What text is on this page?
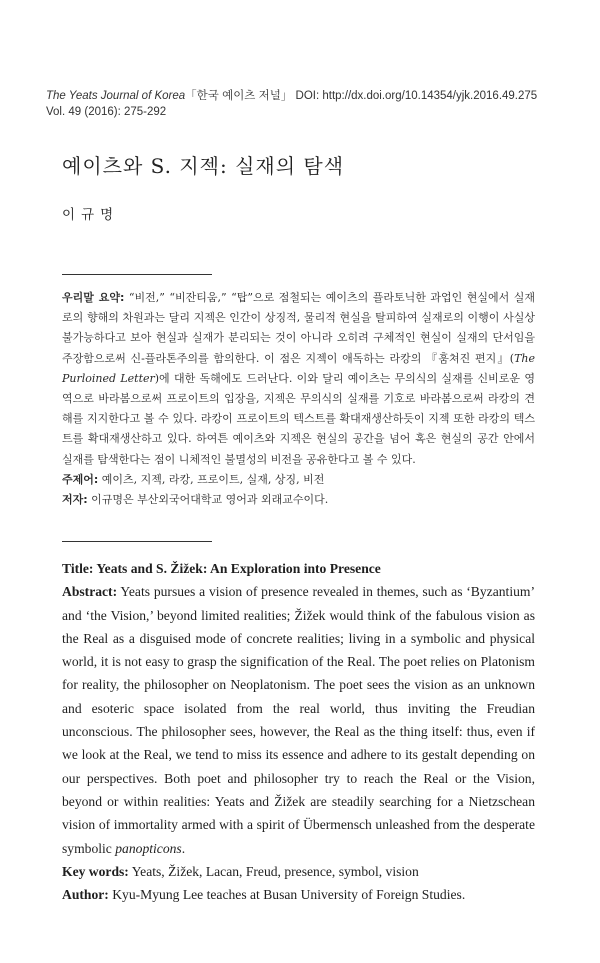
The Yeats Journal of Korea「한국 예이츠 저널」 DOI: http://dx.doi.org/10.14354/yjk.2016.49.275
Vol. 49 (2016): 275-292
예이츠와 S. 지젝: 실재의 탐색
이규명

우리말 요약: “비전,” “비잔티움,” “탑”으로 점철되는 예이츠의 플라토닉한 과업인 현실에서 실재로의 향해의 차원과는 달리 지젝은 인간이 상징적, 물리적 현실을 탈피하여 실재로의 이행이 사실상 불가능하다고 보아 현실과 실재가 분리되는 것이 아니라 오히려 구체적인 현실이 실재의 단서임을 주장함으로써 신-플라톤주의를 함의한다. 이 점은 지젝이 애독하는 라캉의 『훔쳐진 편지』(The Purloined Letter)에 대한 독해에도 드러난다. 이와 달리 예이츠는 무의식의 실재를 신비로운 영역으로 바라봄으로써 프로이트의 입장을, 지젝은 무의식의 실재를 기호로 바라봄으로써 라캉의 견해를 지지한다고 볼 수 있다. 라캉이 프로이트의 텍스트를 확대재생산하듯이 지젝 또한 라캉의 텍스트를 확대재생산하고 있다. 하여튼 예이츠와 지젝은 현실의 공간을 넘어 혹은 현실의 공간 안에서 실재를 탐색한다는 점이 니체적인 불멸성의 비전을 공유한다고 볼 수 있다.

주제어: 예이츠, 지젝, 라캉, 프로이트, 실재, 상징, 비전

저자: 이규명은 부산외국어대학교 영어과 외래교수이다.

Title: Yeats and S. Žižek: An Exploration into Presence

Abstract: Yeats pursues a vision of presence revealed in themes, such as ‘Byzantium’ and ‘the Vision,’ beyond limited realities; Žižek would think of the fabulous vision as the Real as a disguised mode of concrete realities; living in a symbolic and physical world, it is not easy to grasp the signification of the Real. The poet relies on Platonism for reality, the philosopher on Neoplatonism. The poet sees the vision as an unknown and esoteric space isolated from the real world, thus inviting the Freudian unconscious. The philosopher sees, however, the Real as the thing itself: thus, even if we look at the Real, we tend to miss its essence and adhere to its gestalt depending on our perspectives. Both poet and philosopher try to reach the Real or the Vision, beyond or within realities: Yeats and Žižek are steadily searching for a Nietzschean vision of immortality armed with a spirit of Übermensch unleashed from the desperate symbolic panopticons.

Key words: Yeats, Žižek, Lacan, Freud, presence, symbol, vision

Author: Kyu-Myung Lee teaches at Busan University of Foreign Studies.
